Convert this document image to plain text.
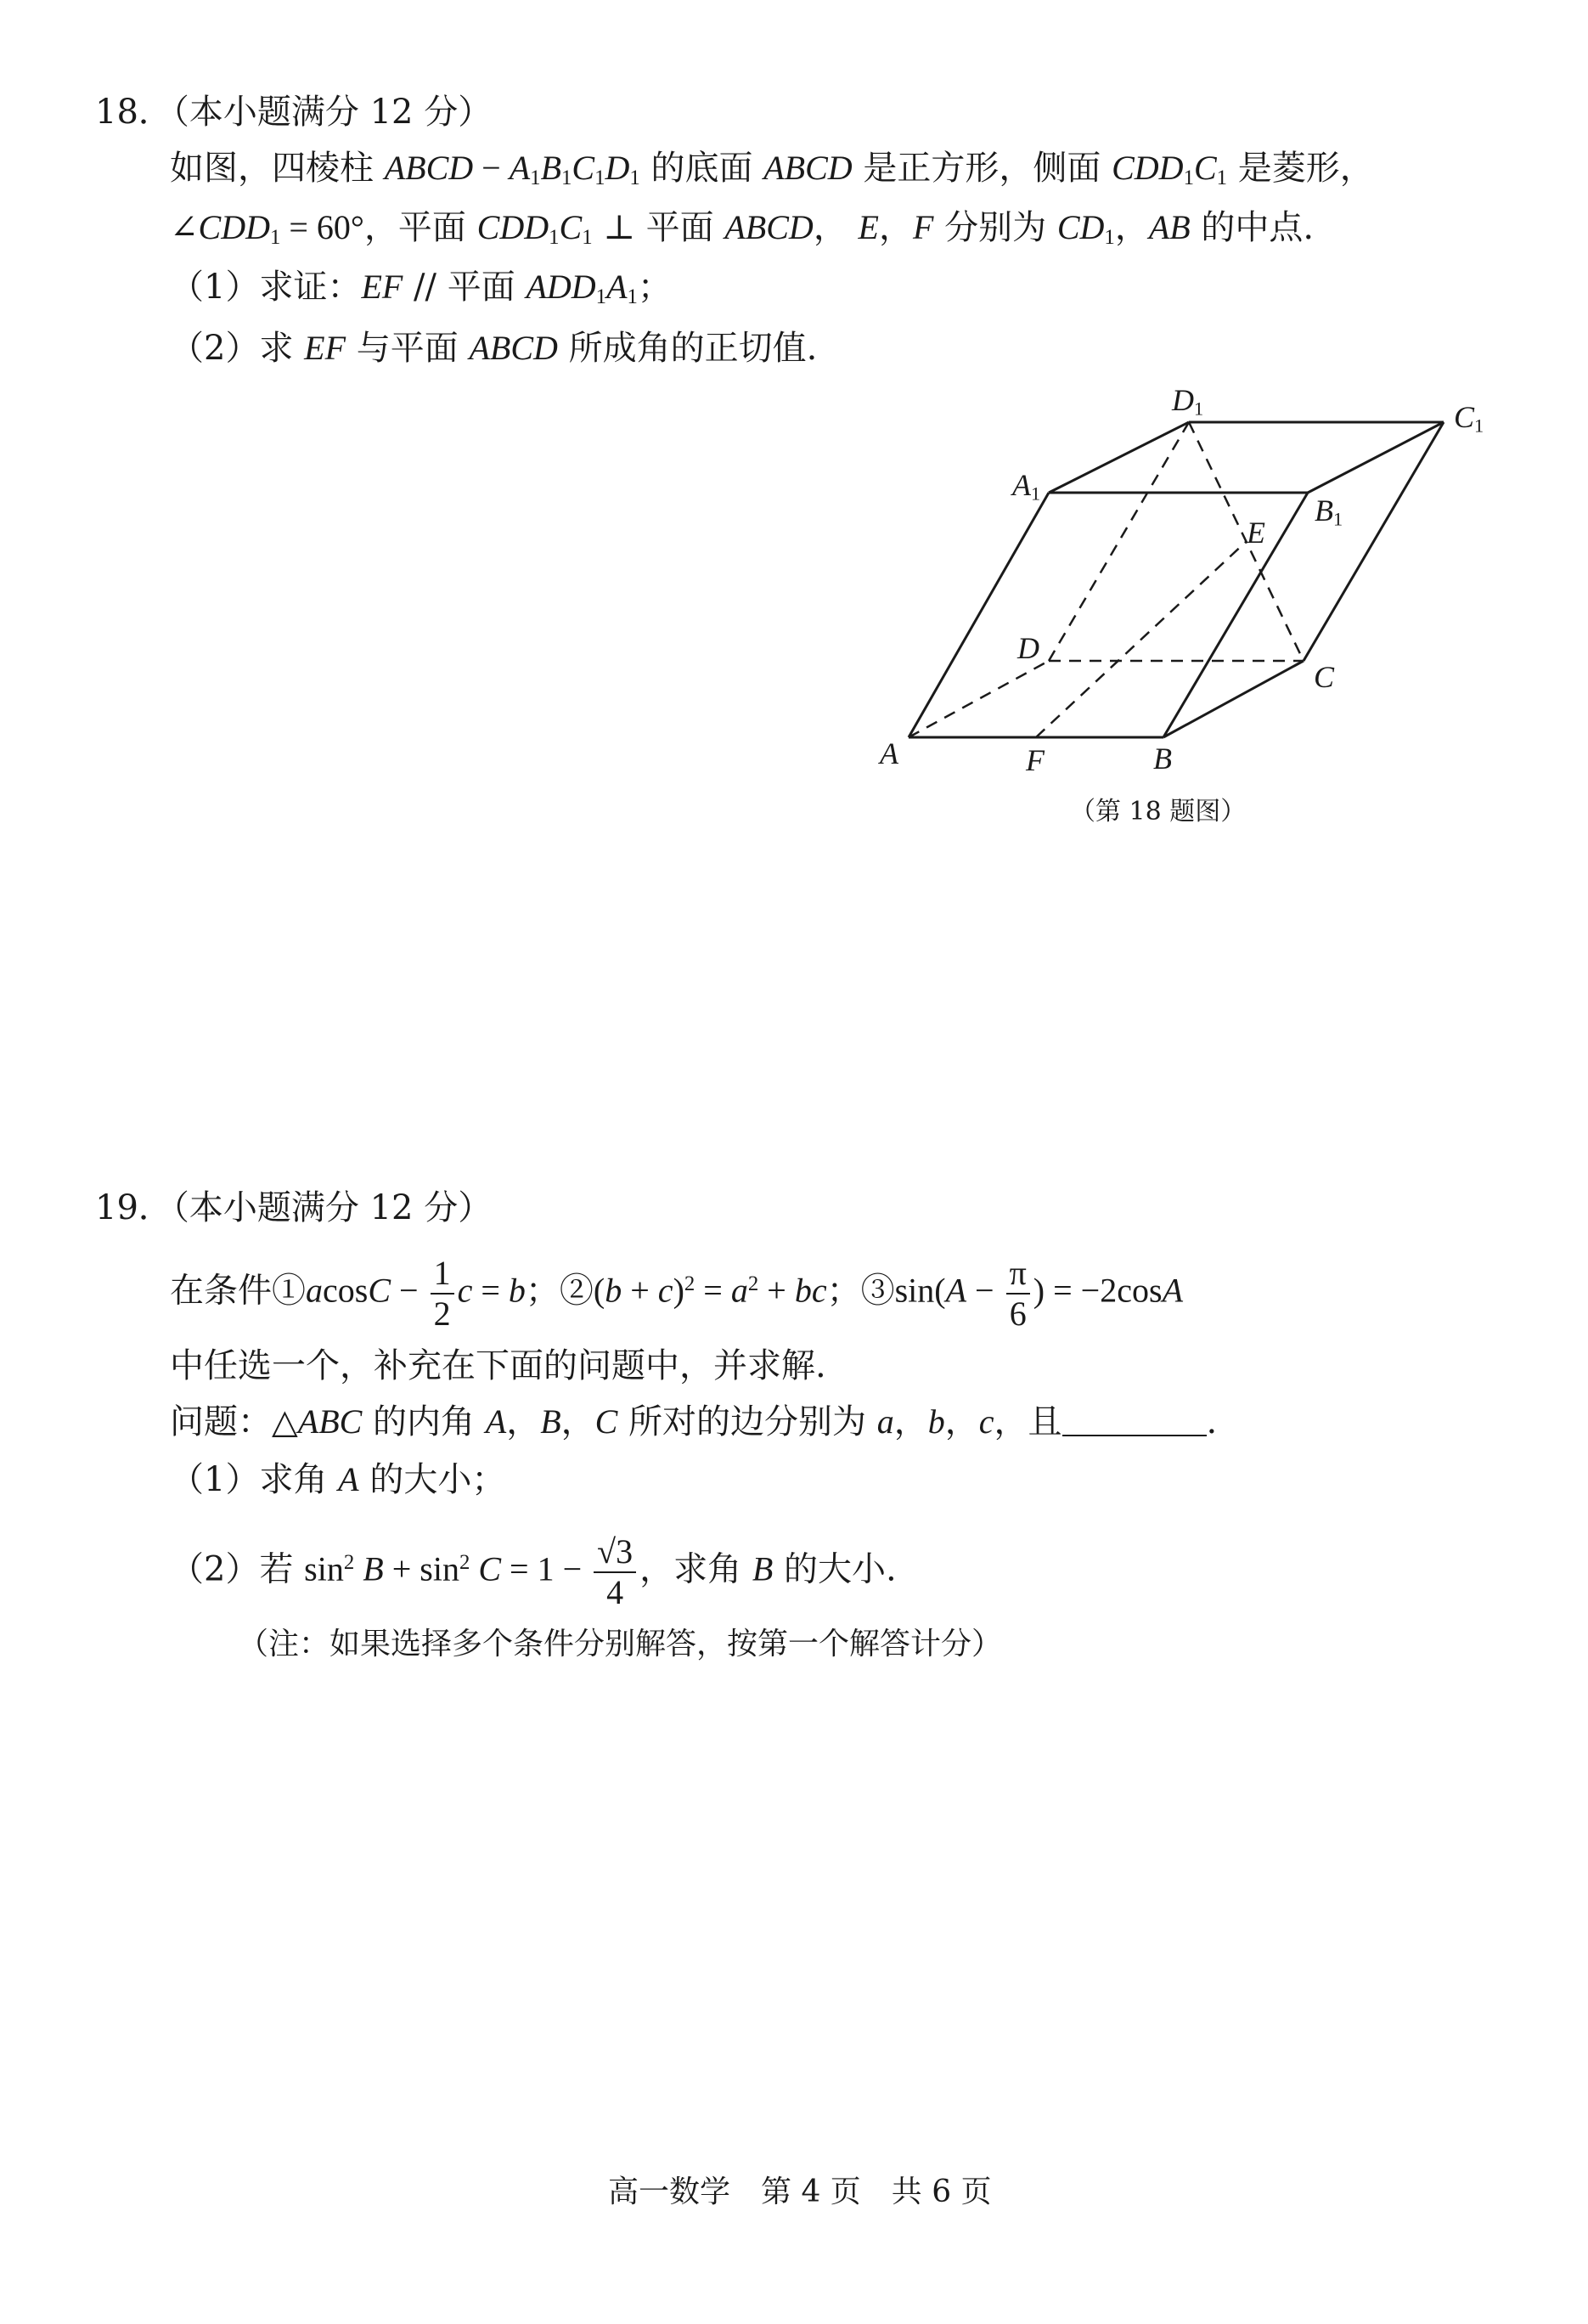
18．（本小题满分 12 分）
如图，四棱柱 ABCD − $A_1B_1C_1D_1$ 的底面 ABCD 是正方形，侧面 $CDD_1C_1$ 是菱形，
$\angle CDD_1 = 60^\circ$，平面 $CDD_1C_1$ ⊥ 平面 ABCD， E，F 分别为 $CD_1$，AB 的中点.
（1）求证：EF // 平面 $ADD_1A_1$；
（2）求 EF 与平面 ABCD 所成角的正切值.
A	F	B
C
D
E
$A_1$	$B_1$
$C_1$
$D_1$
（第 18 题图）
19．（本小题满分 12 分）
在条件①acosC − $\frac{1}{2}$ c = b；②(b + $c)^2 = a^2$ + bc；③sin(A − $\frac{\pi}{6}$ ) = −2cosA
中任选一个，补充在下面的问题中，并求解.
问题：△ABC 的内角 A，B，C 所对的边分别为 a，b，c，且	.
（1）求角 A 的大小；
（2）若 $\sin^2 B + \sin^2 C = 1 - \frac{√3}{4}$ ，求角 B 的大小.
（注：如果选择多个条件分别解答，按第一个解答计分）
高一数学　第 4 页　共 6 页
